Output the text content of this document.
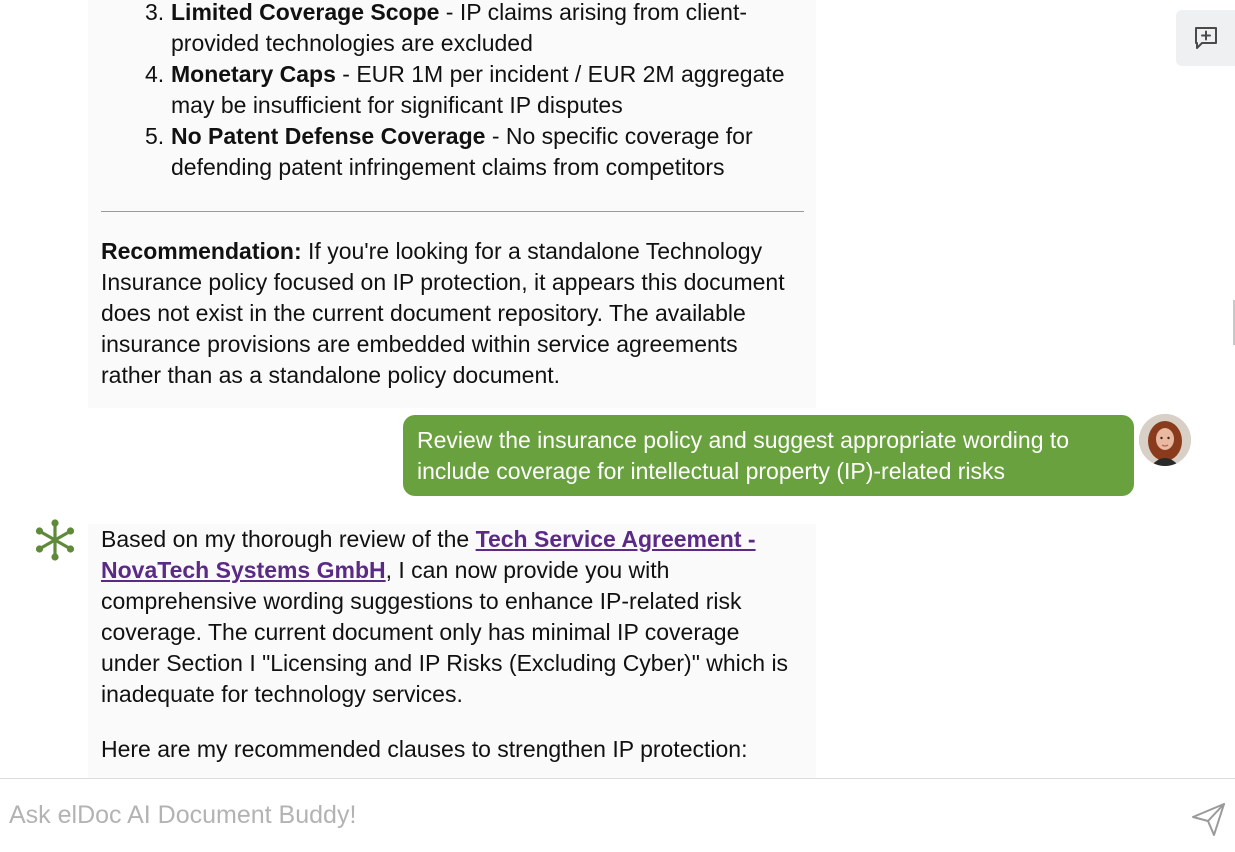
3. Limited Coverage Scope - IP claims arising from client-provided technologies are excluded
4. Monetary Caps - EUR 1M per incident / EUR 2M aggregate may be insufficient for significant IP disputes
5. No Patent Defense Coverage - No specific coverage for defending patent infringement claims from competitors

Recommendation: If you're looking for a standalone Technology Insurance policy focused on IP protection, it appears this document does not exist in the current document repository. The available insurance provisions are embedded within service agreements rather than as a standalone policy document.

Review the insurance policy and suggest appropriate wording to include coverage for intellectual property (IP)-related risks

Based on my thorough review of the Tech Service Agreement - NovaTech Systems GmbH, I can now provide you with comprehensive wording suggestions to enhance IP-related risk coverage. The current document only has minimal IP coverage under Section I "Licensing and IP Risks (Excluding Cyber)" which is inadequate for technology services.

Here are my recommended clauses to strengthen IP protection:

Ask elDoc AI Document Buddy!
